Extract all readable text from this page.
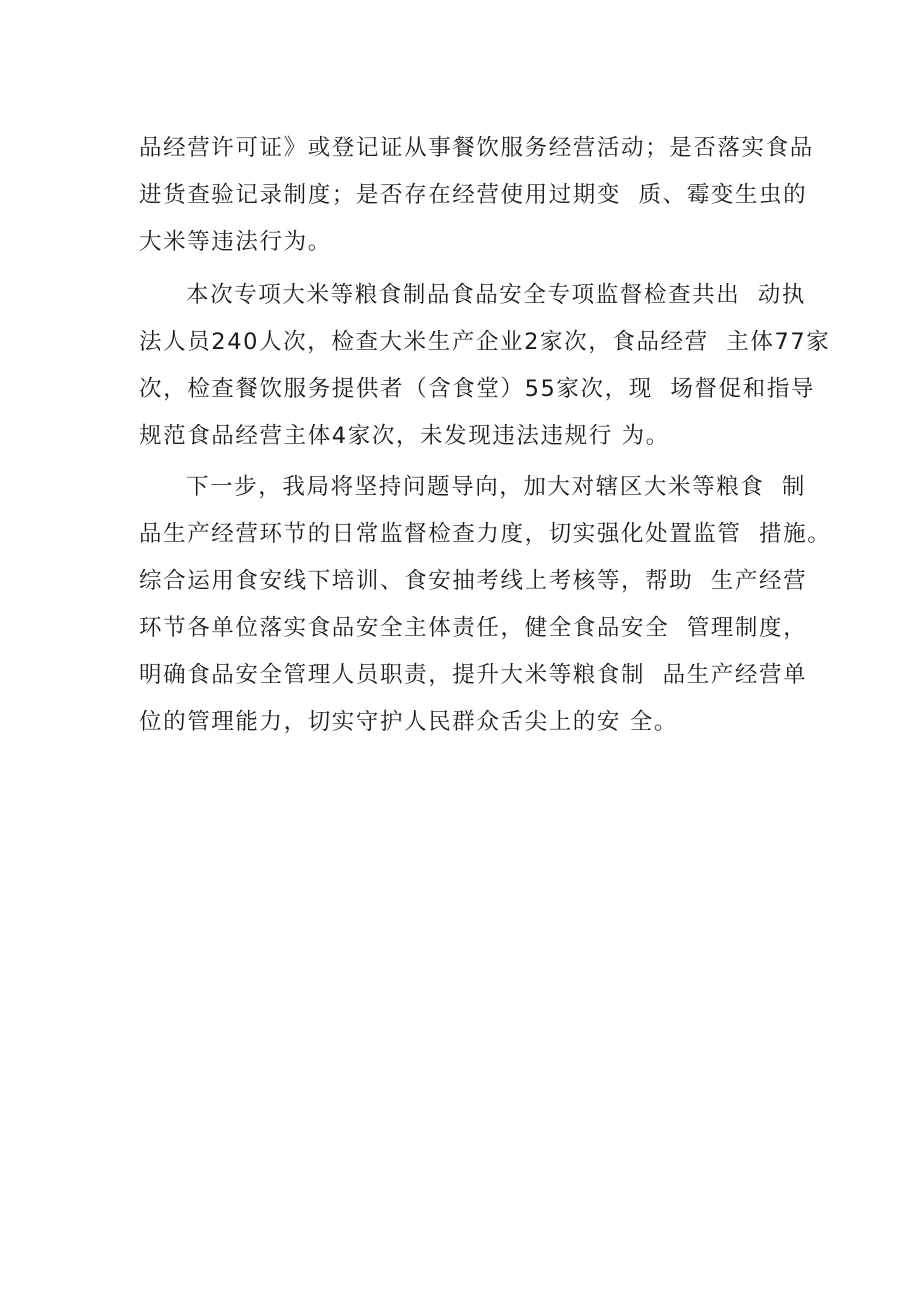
品经营许可证》或登记证从事餐饮服务经营活动；是否落实食品
进货查验记录制度；是否存在经营使用过期变  质、霉变生虫的
大米等违法行为。
本次专项大米等粮食制品食品安全专项监督检查共出  动执
法人员240人次，检查大米生产企业2家次，食品经营  主体77家
次，检查餐饮服务提供者（含食堂）55家次，现  场督促和指导
规范食品经营主体4家次，未发现违法违规行 为。
下一步，我局将坚持问题导向，加大对辖区大米等粮食  制
品生产经营环节的日常监督检查力度，切实强化处置监管  措施。
综合运用食安线下培训、食安抽考线上考核等，帮助  生产经营
环节各单位落实食品安全主体责任，健全食品安全  管理制度，
明确食品安全管理人员职责，提升大米等粮食制  品生产经营单
位的管理能力，切实守护人民群众舌尖上的安 全。
